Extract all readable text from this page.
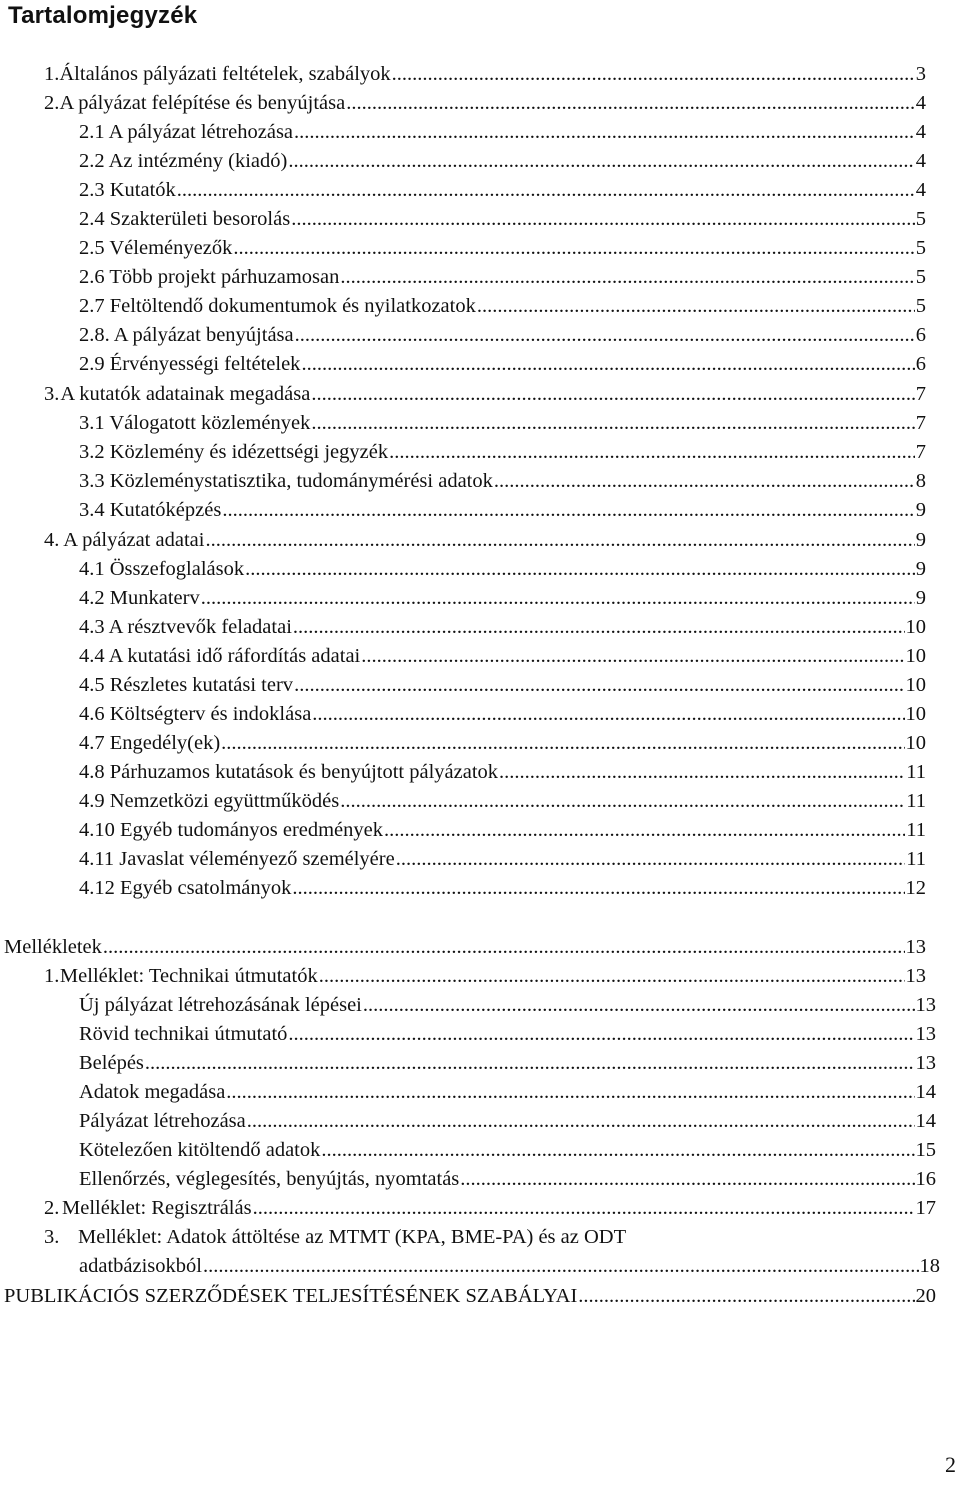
Tartalomjegyzék
1. Általános pályázati feltételek, szabályok .....	3
2. A pályázat felépítése és benyújtása .....	4
2.1 A pályázat létrehozása .....	4
2.2 Az intézmény (kiadó) .....	4
2.3 Kutatók .....	4
2.4 Szakterületi besorolás .....	5
2.5 Véleményezők .....	5
2.6 Több projekt párhuzamosan .....	5
2.7 Feltöltendő dokumentumok és nyilatkozatok .....	5
2.8. A pályázat benyújtása .....	6
2.9 Érvényességi feltételek .....	6
3. A kutatók adatainak megadása .....	7
3.1 Válogatott közlemények .....	7
3.2 Közlemény és idézettségi jegyzék .....	7
3.3 Közleménystatisztika, tudománymérési adatok .....	8
3.4 Kutatóképzés .....	9
4. A pályázat adatai .....	9
4.1 Összefoglalások .....	9
4.2 Munkaterv .....	9
4.3 A résztvevők feladatai .....	10
4.4 A kutatási idő ráfordítás adatai .....	10
4.5 Részletes kutatási terv .....	10
4.6 Költségterv és indoklása .....	10
4.7 Engedély(ek) .....	10
4.8 Párhuzamos kutatások és benyújtott pályázatok .....	11
4.9 Nemzetközi együttműködés .....	11
4.10 Egyéb tudományos eredmények .....	11
4.11 Javaslat véleményező személyére .....	11
4.12 Egyéb csatolmányok .....	12
Mellékletek .....	13
1. Melléklet: Technikai útmutatók .....	13
Új pályázat létrehozásának lépései .....	13
Rövid technikai útmutató .....	13
Belépés .....	13
Adatok megadása .....	14
Pályázat létrehozása .....	14
Kötelezően kitöltendő adatok .....	15
Ellenőrzés, véglegesítés, benyújtás, nyomtatás .....	16
2. Melléklet: Regisztrálás .....	17
3. Melléklet: Adatok áttöltése az MTMT (KPA, BME-PA) és az ODT
adatbázisokból .....	18
PUBLIKÁCIÓS SZERZŐDÉSEK TELJESÍTÉSÉNEK SZABÁLYAI .....	20
2
